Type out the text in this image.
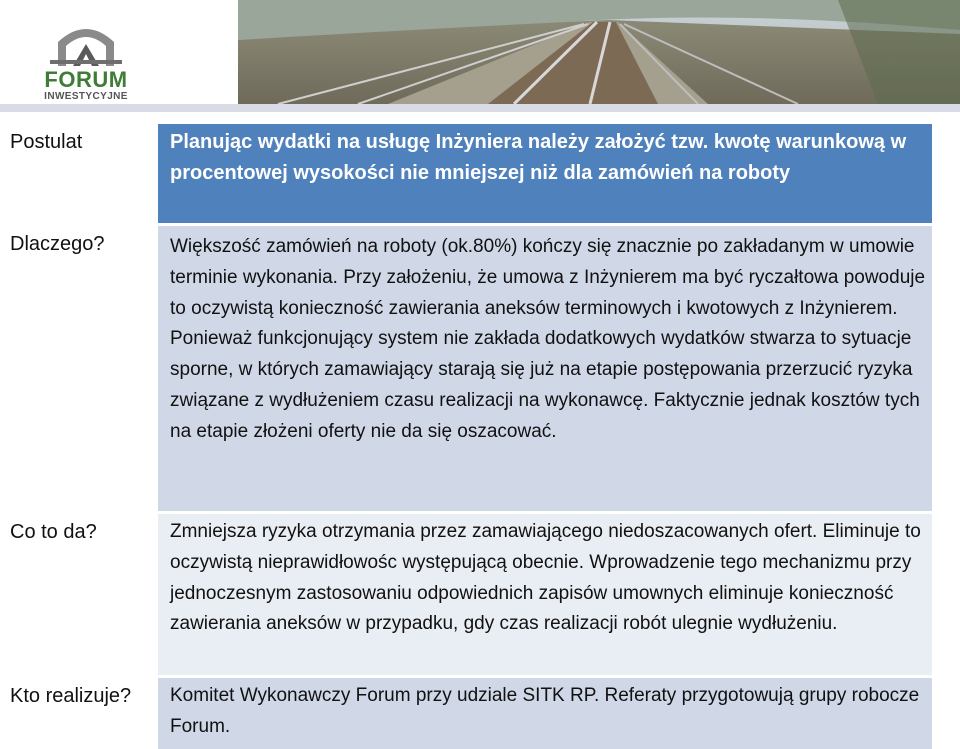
FORUM
INWESTYCYJNE
Postulat
Dlaczego?
Co to da?
Kto realizuje?
Planując wydatki na usługę Inżyniera należy założyć tzw. kwotę warunkową w procentowej wysokości nie mniejszej niż dla zamówień na roboty
Większość zamówień na roboty (ok.80%) kończy się znacznie po zakładanym w umowie terminie wykonania. Przy założeniu, że umowa z Inżynierem ma być ryczałtowa powoduje to oczywistą konieczność zawierania aneksów terminowych i kwotowych z Inżynierem. Ponieważ funkcjonujący system nie zakłada dodatkowych wydatków stwarza to sytuacje sporne, w których zamawiający starają się już na etapie postępowania przerzucić ryzyka związane z wydłużeniem czasu realizacji na wykonawcę. Faktycznie jednak kosztów tych na etapie złożeni oferty nie da się oszacować.
Zmniejsza ryzyka otrzymania przez zamawiającego niedoszacowanych ofert. Eliminuje to oczywistą nieprawidłowośc występującą obecnie. Wprowadzenie tego mechanizmu przy jednoczesnym zastosowaniu odpowiednich zapisów umownych eliminuje konieczność zawierania aneksów w przypadku, gdy czas realizacji robót ulegnie wydłużeniu.
Komitet Wykonawczy Forum przy udziale SITK RP. Referaty przygotowują grupy robocze Forum.
